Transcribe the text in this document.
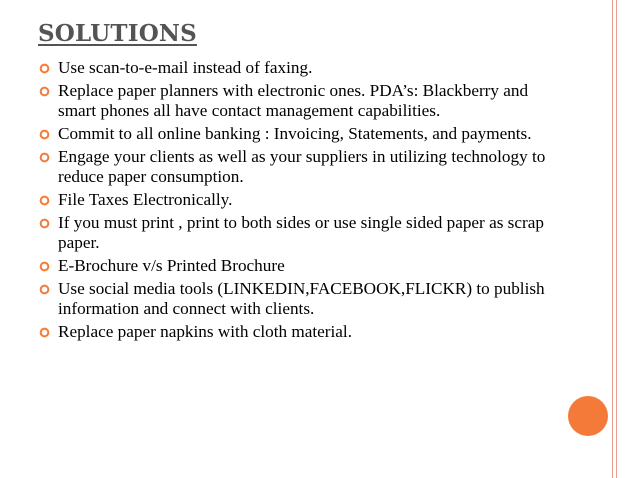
SOLUTIONS
Use scan-to-e-mail instead of faxing.
Replace paper planners with electronic ones. PDA’s: Blackberry and smart phones all have contact management capabilities.
Commit to all online banking : Invoicing, Statements, and payments.
Engage your clients as well as your suppliers in utilizing technology to reduce paper consumption.
File Taxes Electronically.
If you must print , print to both sides or use single sided paper as scrap paper.
E-Brochure v/s Printed Brochure
Use social media tools (LINKEDIN,FACEBOOK,FLICKR) to publish information and connect with clients.
Replace paper napkins with cloth material.
